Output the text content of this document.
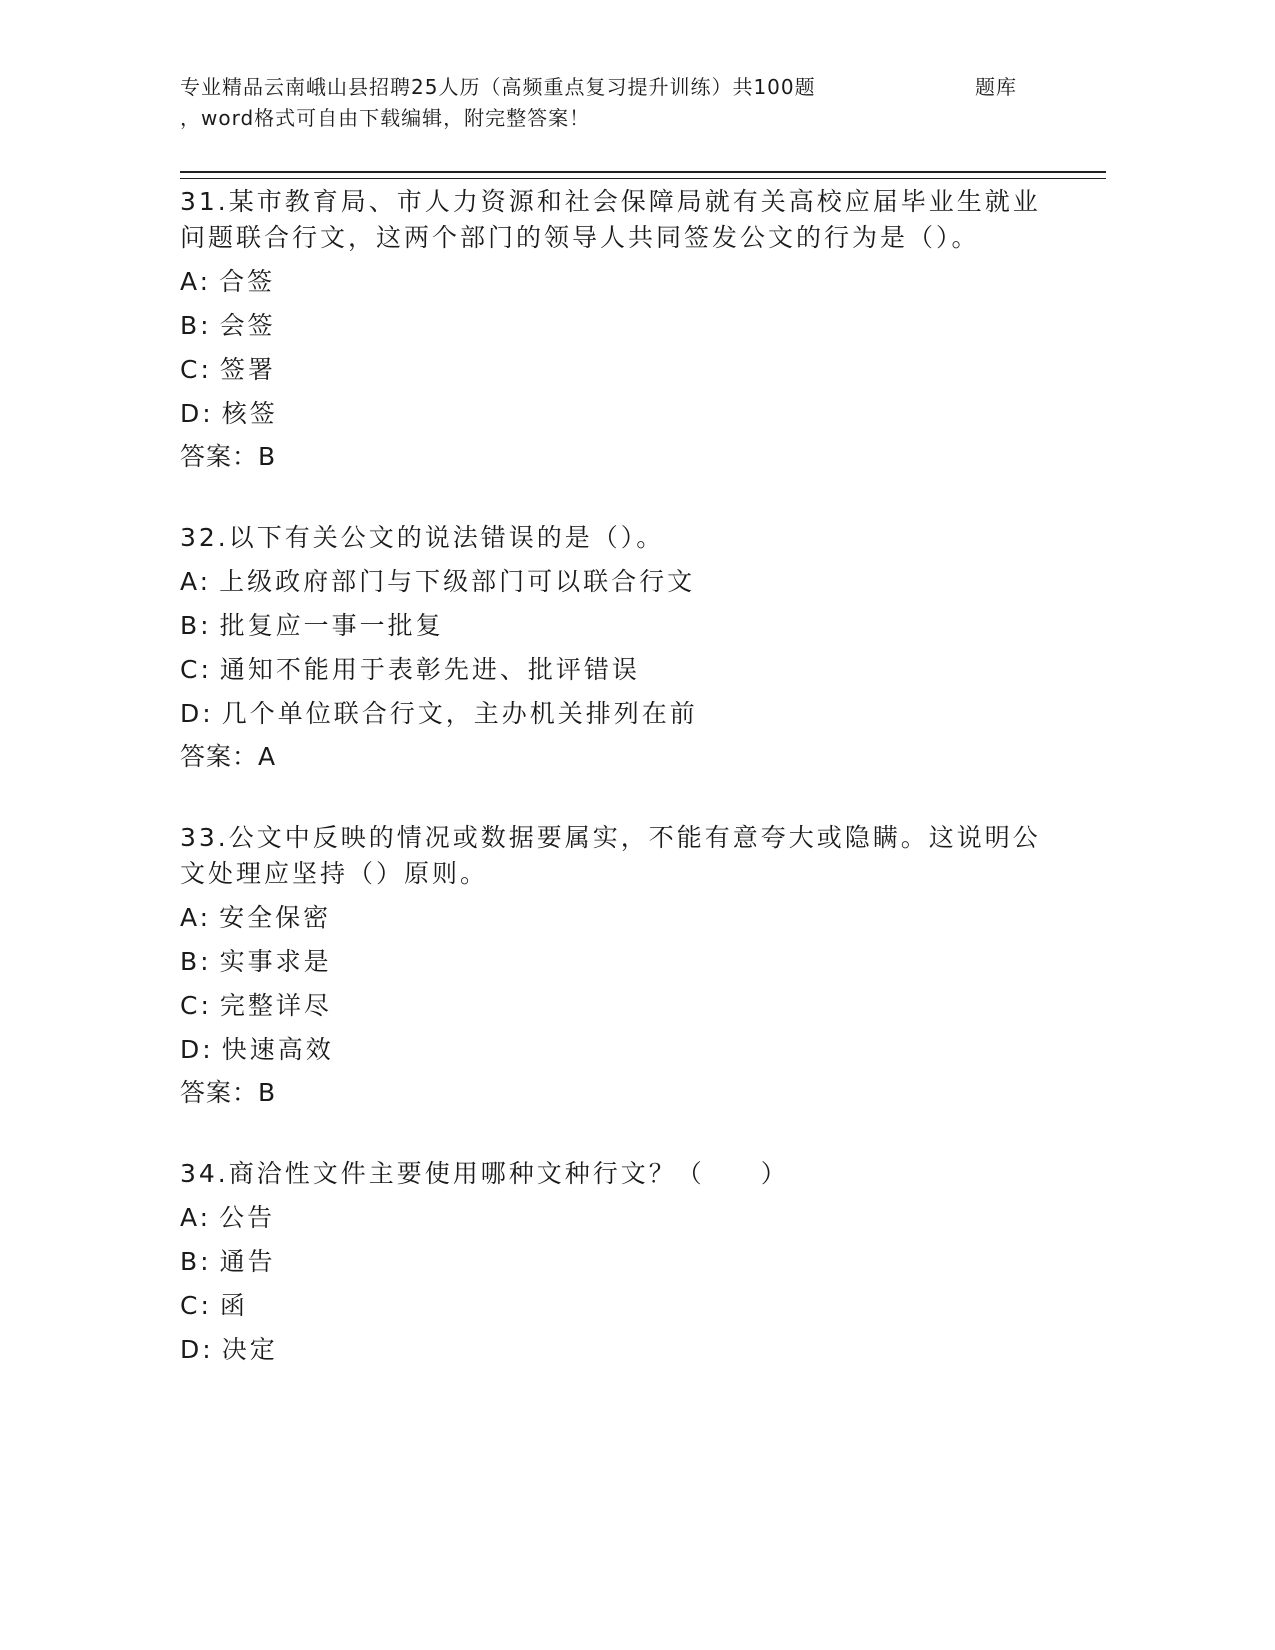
专业精品云南峨山县招聘25人历（高频重点复习提升训练）共100题	题库
，word格式可自由下载编辑，附完整答案！
31.某市教育局、市人力资源和社会保障局就有关高校应届毕业生就业问题联合行文，这两个部门的领导人共同签发公文的行为是（）。
A: 合签
B: 会签
C: 签署
D: 核签
答案：B
32.以下有关公文的说法错误的是（）。
A: 上级政府部门与下级部门可以联合行文
B: 批复应一事一批复
C: 通知不能用于表彰先进、批评错误
D: 几个单位联合行文，主办机关排列在前
答案：A
33.公文中反映的情况或数据要属实，不能有意夸大或隐瞒。这说明公文处理应坚持（）原则。
A: 安全保密
B: 实事求是
C: 完整详尽
D: 快速高效
答案：B
34.商洽性文件主要使用哪种文种行文？（　　）
A: 公告
B: 通告
C: 函
D: 决定
